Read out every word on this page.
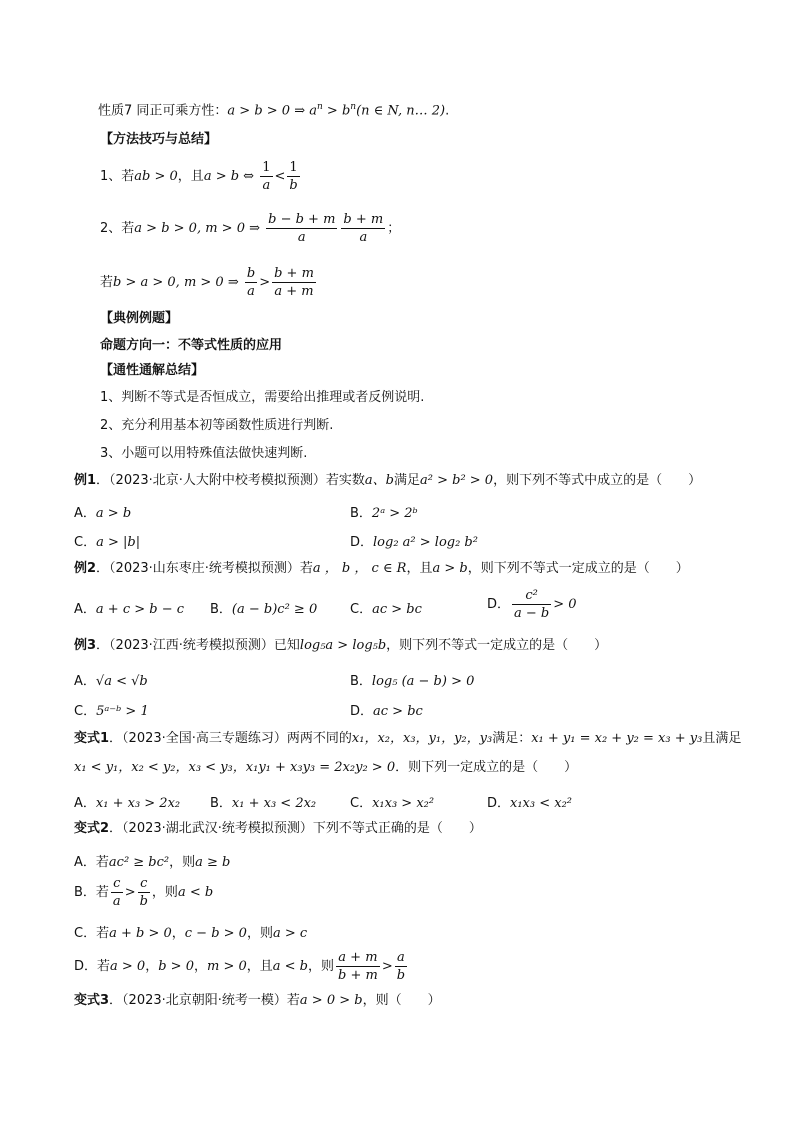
性质7 同正可乘方性：a > b > 0 ⇒ $a^n > b^n(n$ ∈ N, n… 2).
【方法技巧与总结】
1、若ab > 0，且a > b ⇔ $\frac{1}{a} < \frac{1}{b}$
2、若a > b > 0, m > 0 ⇒ $\frac{b - b + m}{a} \frac{b + m}{a}$ ；
若b > a > 0, m > 0 ⇒ $\frac{b}{a} > \frac{b + m}{a + m}$
【典例例题】
命题方向一：不等式性质的应用
【通性通解总结】
1、判断不等式是否恒成立，需要给出推理或者反例说明.
2、充分利用基本初等函数性质进行判断.
3、小题可以用特殊值法做快速判断.
例1．（2023·北京·人大附中校考模拟预测）若实数a、b满足a² > b² > 0，则下列不等式中成立的是（　　）
A．a > b	B．2ᵃ > 2ᵇ
C．a > |b|	D．log₂ a² > log₂ b²
例2．（2023·山东枣庄·统考模拟预测）若a ， b ， c ∈ R，且a > b，则下列不等式一定成立的是（　　）
A．a + c > b − c B．(a − b)c² ≥ 0	C．ac > bc	D． $\frac{\text{c²}}{a - b} > 0$
例3．（2023·江西·统考模拟预测）已知log₅a > log₅b，则下列不等式一定成立的是（　　）
A．√a < √b	B．log₅ (a − b) > 0
C．5ᵃ⁻ᵇ > 1	D．ac > bc
变式1．（2023·全国·高三专题练习）两两不同的x₁，x₂，x₃，y₁，y₂，y₃满足：x₁ + y₁ = x₂ + y₂ = x₃ + y₃且满足
x₁ < y₁，x₂ < y₂，x₃ < y₃，x₁y₁ + x₃y₃ = 2x₂y₂ > 0．则下列一定成立的是（　　）
A．x₁ + x₃ > 2x₂ B．x₁ + x₃ < 2x₂	C．x₁x₃ > x₂²	D．x₁x₃ < x₂²
变式2．（2023·湖北武汉·统考模拟预测）下列不等式正确的是（　　）
A．若ac² ≥ bc²，则a ≥ b
B．若 $\frac{c}{a} > \frac{c}{b}$ ，则a < b
C．若a + b > 0，c − b > 0，则a > c
D．若a > 0，b > 0，m > 0，且a < b，则 $\frac{a + m}{b + m} > \frac{a}{b}$
变式3．（2023·北京朝阳·统考一模）若a > 0 > b，则（　　）
